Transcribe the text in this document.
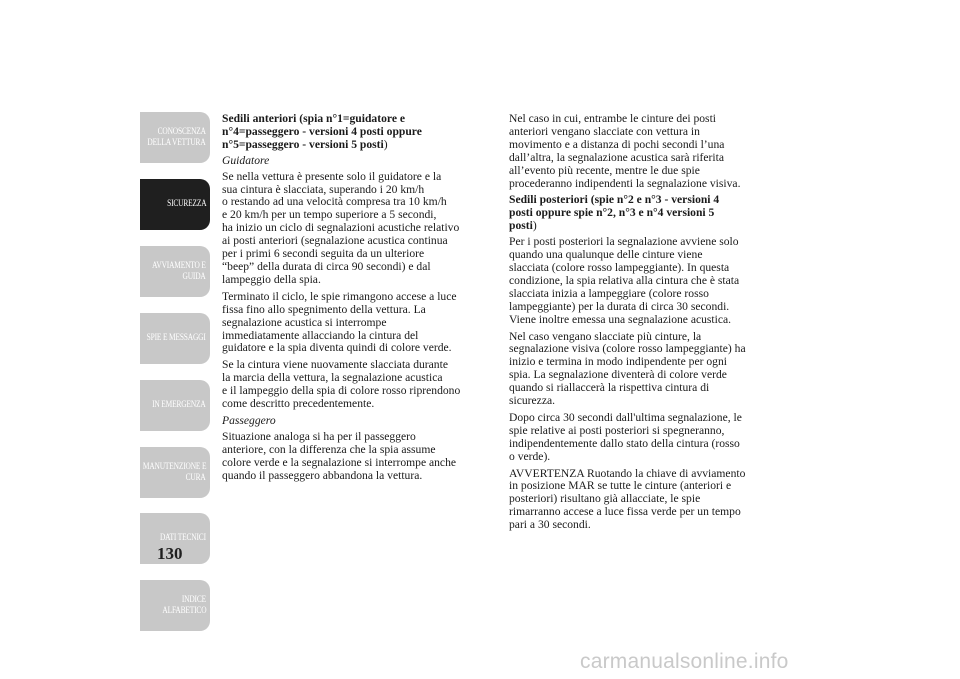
CONOSCENZA
DELLA VETTURA
SICUREZZA
AVVIAMENTO E
GUIDA
SPIE E MESSAGGI
IN EMERGENZA
MANUTENZIONE E
CURA
DATI TECNICI
INDICE
ALFABETICO
130
Sedili anteriori (spia n°1=guidatore e
n°4=passeggero - versioni 4 posti oppure
n°5=passeggero - versioni 5 posti)

Guidatore

Se nella vettura è presente solo il guidatore e la
sua cintura è slacciata, superando i 20 km/h
o restando ad una velocità compresa tra 10 km/h
e 20 km/h per un tempo superiore a 5 secondi,
ha inizio un ciclo di segnalazioni acustiche relativo
ai posti anteriori (segnalazione acustica continua
per i primi 6 secondi seguita da un ulteriore
“beep” della durata di circa 90 secondi) e dal
lampeggio della spia.

Terminato il ciclo, le spie rimangono accese a luce
fissa fino allo spegnimento della vettura. La
segnalazione acustica si interrompe
immediatamente allacciando la cintura del
guidatore e la spia diventa quindi di colore verde.

Se la cintura viene nuovamente slacciata durante
la marcia della vettura, la segnalazione acustica
e il lampeggio della spia di colore rosso riprendono
come descritto precedentemente.

Passeggero

Situazione analoga si ha per il passeggero
anteriore, con la differenza che la spia assume
colore verde e la segnalazione si interrompe anche
quando il passeggero abbandona la vettura.

Nel caso in cui, entrambe le cinture dei posti
anteriori vengano slacciate con vettura in
movimento e a distanza di pochi secondi l’una
dall’altra, la segnalazione acustica sarà riferita
all’evento più recente, mentre le due spie
procederanno indipendenti la segnalazione visiva.

Sedili posteriori (spie n°2 e n°3 - versioni 4
posti oppure spie n°2, n°3 e n°4 versioni 5
posti)

Per i posti posteriori la segnalazione avviene solo
quando una qualunque delle cinture viene
slacciata (colore rosso lampeggiante). In questa
condizione, la spia relativa alla cintura che è stata
slacciata inizia a lampeggiare (colore rosso
lampeggiante) per la durata di circa 30 secondi.
Viene inoltre emessa una segnalazione acustica.

Nel caso vengano slacciate più cinture, la
segnalazione visiva (colore rosso lampeggiante) ha
inizio e termina in modo indipendente per ogni
spia. La segnalazione diventerà di colore verde
quando si riallaccerà la rispettiva cintura di
sicurezza.

Dopo circa 30 secondi dall'ultima segnalazione, le
spie relative ai posti posteriori si spegneranno,
indipendentemente dallo stato della cintura (rosso
o verde).

AVVERTENZA Ruotando la chiave di avviamento
in posizione MAR se tutte le cinture (anteriori e
posteriori) risultano già allacciate, le spie
rimarranno accese a luce fissa verde per un tempo
pari a 30 secondi.

carmanualsonline.info
